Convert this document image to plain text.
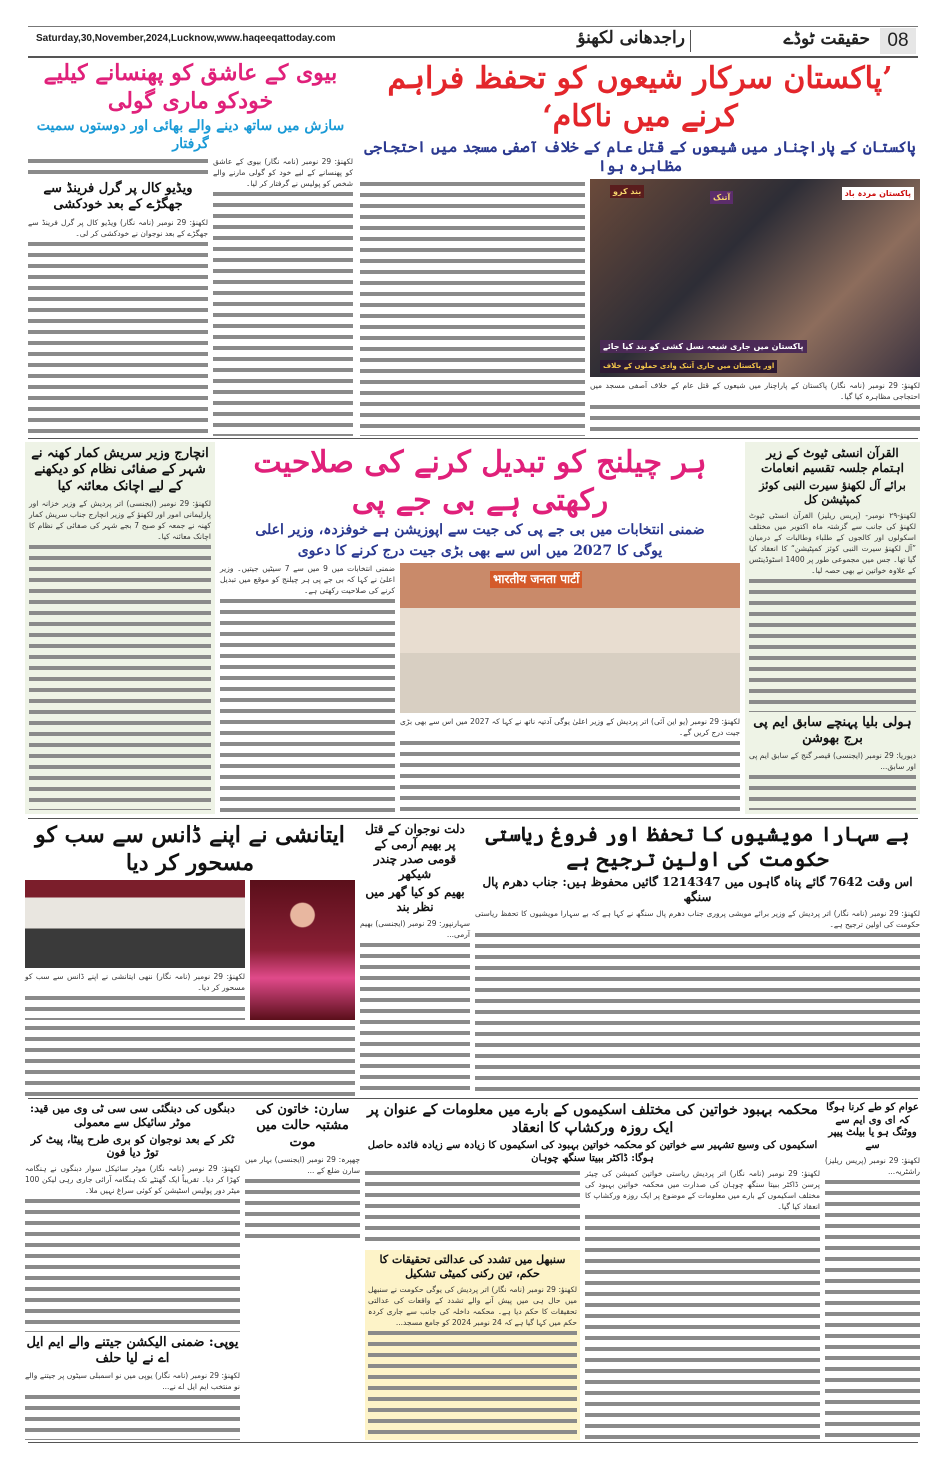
Saturday,30,November,2024,Lucknow,www.haqeeqattoday.com	راجدھانی لکھنؤ	حقیقت ٹوڈے 08
’پاکستان سرکار شیعوں کو تحفظ فراہم کرنے میں ناکام‘
پاکستان کے پاراچنار میں شیعوں کے قتل عام کے خلاف آصفی مسجد میں احتجاجی مظاہرہ ہوا
بند کرو
آتنک	پاکستان مردہ باد
پاکستان میں جاری شیعہ نسل کشی کو بند کیا جائے
اور پاکستان میں جاری آتنک وادی حملوں کے خلاف
لکھنؤ: 29 نومبر (نامہ نگار) پاکستان کے پاراچنار میں شیعوں کے قتل عام کے خلاف آصفی مسجد میں احتجاجی مظاہرہ کیا گیا۔
بیوی کے عاشق کو پھنسانے کیلیے خودکو ماری گولی
سازش میں ساتھ دینے والے بھائی اور دوستوں سمیت گرفتار
ویڈیو کال پر گرل فرینڈ سے جھگڑے کے بعد خودکشی
لکھنؤ: 29 نومبر (نامہ نگار) ویڈیو کال پر گرل فرینڈ سے جھگڑے کے بعد نوجوان نے خودکشی کر لی۔
لکھنؤ: 29 نومبر (نامہ نگار) بیوی کے عاشق کو پھنسانے کے لیے خود کو گولی مارنے والے شخص کو پولیس نے گرفتار کر لیا۔
انچارج وزیر سریش کمار کھنہ نے شہر کے صفائی نظام کو دیکھنے کے لیے اچانک معائنہ کیا
لکھنؤ: 29 نومبر (ایجنسی) اتر پردیش کے وزیر خزانہ اور پارلیمانی امور اور لکھنؤ کے وزیر انچارج جناب سریش کمار کھنہ نے جمعہ کو صبح 7 بجے شہر کی صفائی کے نظام کا اچانک معائنہ کیا۔
ہر چیلنج کو تبدیل کرنے کی صلاحیت رکھتی ہے بی جے پی
ضمنی انتخابات میں بی جے پی کی جیت سے اپوزیشن ہے خوفزدہ، وزیر اعلی
یوگی کا 2027 میں اس سے بھی بڑی جیت درج کرنے کا دعوی
ضمنی انتخابات میں 9 میں سے 7 سیٹیں جیتیں۔ وزیر اعلیٰ نے کہا کہ بی جے پی ہر چیلنج کو موقع میں تبدیل کرنے کی صلاحیت رکھتی ہے۔
भारतीय जनता पार्टी
لکھنؤ: 29 نومبر (یو این آئی) اتر پردیش کے وزیر اعلیٰ یوگی آدتیہ ناتھ نے کہا کہ 2027 میں اس سے بھی بڑی جیت درج کریں گے۔
القرآن انسٹی ٹیوٹ کے زیر اہتمام جلسہ تقسیم انعامات
برائے آل لکھنؤ سیرت النبی کوئز کمپٹیشن کل
لکھنؤ-۲۹ نومبر- (پریس ریلیز) القرآن انسٹی ٹیوٹ لکھنؤ کی جانب سے گزشتہ ماہ اکتوبر میں مختلف اسکولوں اور کالجوں کے طلباء وطالبات کے درمیان ”آل لکھنؤ سیرت النبی کوئز کمپٹیشن“ کا انعقاد کیا گیا تھا۔ جس میں مجموعی طور پر 1400 اسٹوڈینٹس کے علاوہ خواتین نے بھی حصہ لیا۔
ہولی بلیا پہنچے سابق ایم پی برج بھوشن
دیوریا: 29 نومبر (ایجنسی) قیصر گنج کے سابق ایم پی اور سابق...
ایتانشی نے اپنے ڈانس سے سب کو مسحور کر دیا
لکھنؤ: 29 نومبر (نامہ نگار) ننھی ایتانشی نے اپنے ڈانس سے سب کو مسحور کر دیا۔
دلت نوجوان کے قتل پر بھیم آرمی کے قومی صدر چندر شیکھر
بھیم کو کیا گھر میں نظر بند
سہارنپور: 29 نومبر (ایجنسی) بھیم آرمی...
بے سہارا مویشیوں کا تحفظ اور فروغ ریاستی حکومت کی اولین ترجیح ہے
اس وقت 7642 گائے پناہ گاہوں میں 1214347 گائیں محفوظ ہیں: جناب دھرم پال سنگھ
لکھنؤ: 29 نومبر (نامہ نگار) اتر پردیش کے وزیر برائے مویشی پروری جناب دھرم پال سنگھ نے کہا ہے کہ بے سہارا مویشیوں کا تحفظ ریاستی حکومت کی اولین ترجیح ہے۔
دبنگوں کی دبنگئی سی سی ٹی وی میں قید: موٹر سائیکل سے معمولی
ٹکر کے بعد نوجوان کو بری طرح پیٹا، پیٹ کر توڑ دیا فون
لکھنؤ: 29 نومبر (نامہ نگار) موٹر سائیکل سوار دبنگوں نے ہنگامہ کھڑا کر دیا۔ تقریباً ایک گھنٹے تک ہنگامہ آرائی جاری رہی لیکن 100 میٹر دور پولیس اسٹیشن کو کوئی سراغ نہیں ملا۔
یوپی: ضمنی الیکشن جیتنے والے ایم ایل اے نے لیا حلف
لکھنؤ: 29 نومبر (نامہ نگار) یوپی میں نو اسمبلی سیٹوں پر جیتنے والے نو منتخب ایم ایل اے نے...
سارن: خاتون کی مشتبہ حالت میں موت
چھپرہ: 29 نومبر (ایجنسی) بہار میں سارن ضلع کے ...
محکمہ بہبود خواتین کی مختلف اسکیموں کے بارے میں معلومات کے عنوان پر ایک روزہ ورکشاپ کا انعقاد
اسکیموں کی وسیع تشہیر سے خواتین کو محکمہ خواتین بہبود کی اسکیموں کا زیادہ سے زیادہ فائدہ حاصل ہوگا: ڈاکٹر ببیتا سنگھ چوہان
سنبھل میں تشدد کی عدالتی تحقیقات کا حکم، تین رکنی کمیٹی تشکیل
لکھنؤ: 29 نومبر (نامہ نگار) اتر پردیش کی یوگی حکومت نے سنبھل میں حال ہی میں پیش آنے والے تشدد کے واقعات کی عدالتی تحقیقات کا حکم دیا ہے۔ محکمہ داخلہ کی جانب سے جاری کردہ حکم میں کہا گیا ہے کہ 24 نومبر 2024 کو جامع مسجد...
لکھنؤ: 29 نومبر (نامہ نگار) اتر پردیش ریاستی خواتین کمیشن کی چیئر پرسن ڈاکٹر ببیتا سنگھ چوہان کی صدارت میں محکمہ خواتین بہبود کی مختلف اسکیموں کے بارے میں معلومات کے موضوع پر ایک روزہ ورکشاپ کا انعقاد کیا گیا۔
عوام کو طے کرنا ہوگا کہ ای وی ایم سے ووٹنگ ہو یا بیلٹ پیپر سے
لکھنؤ: 29 نومبر (پریس ریلیز) راشٹریہ...
